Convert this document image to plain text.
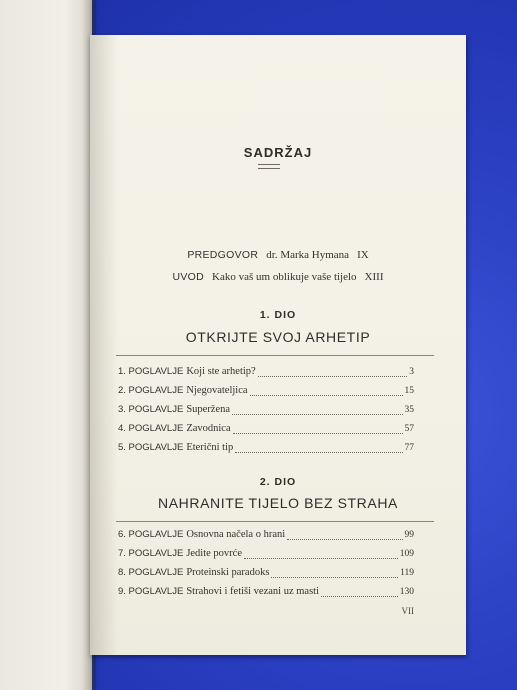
SADRŽAJ
PREDGOVOR dr. Marka Hymana IX
UVOD Kako vaš um oblikuje vaše tijelo XIII
1. DIO
OTKRIJTE SVOJ ARHETIP
1. POGLAVLJE Koji ste arhetip?	3
2. POGLAVLJE Njegovateljica	15
3. POGLAVLJE Superžena	35
4. POGLAVLJE Zavodnica	57
5. POGLAVLJE Eterični tip	77
2. DIO
NAHRANITE TIJELO BEZ STRAHA
6. POGLAVLJE Osnovna načela o hrani	99
7. POGLAVLJE Jedite povrće	109
8. POGLAVLJE Proteinski paradoks	119
9. POGLAVLJE Strahovi i fetiši vezani uz masti	130
VII
